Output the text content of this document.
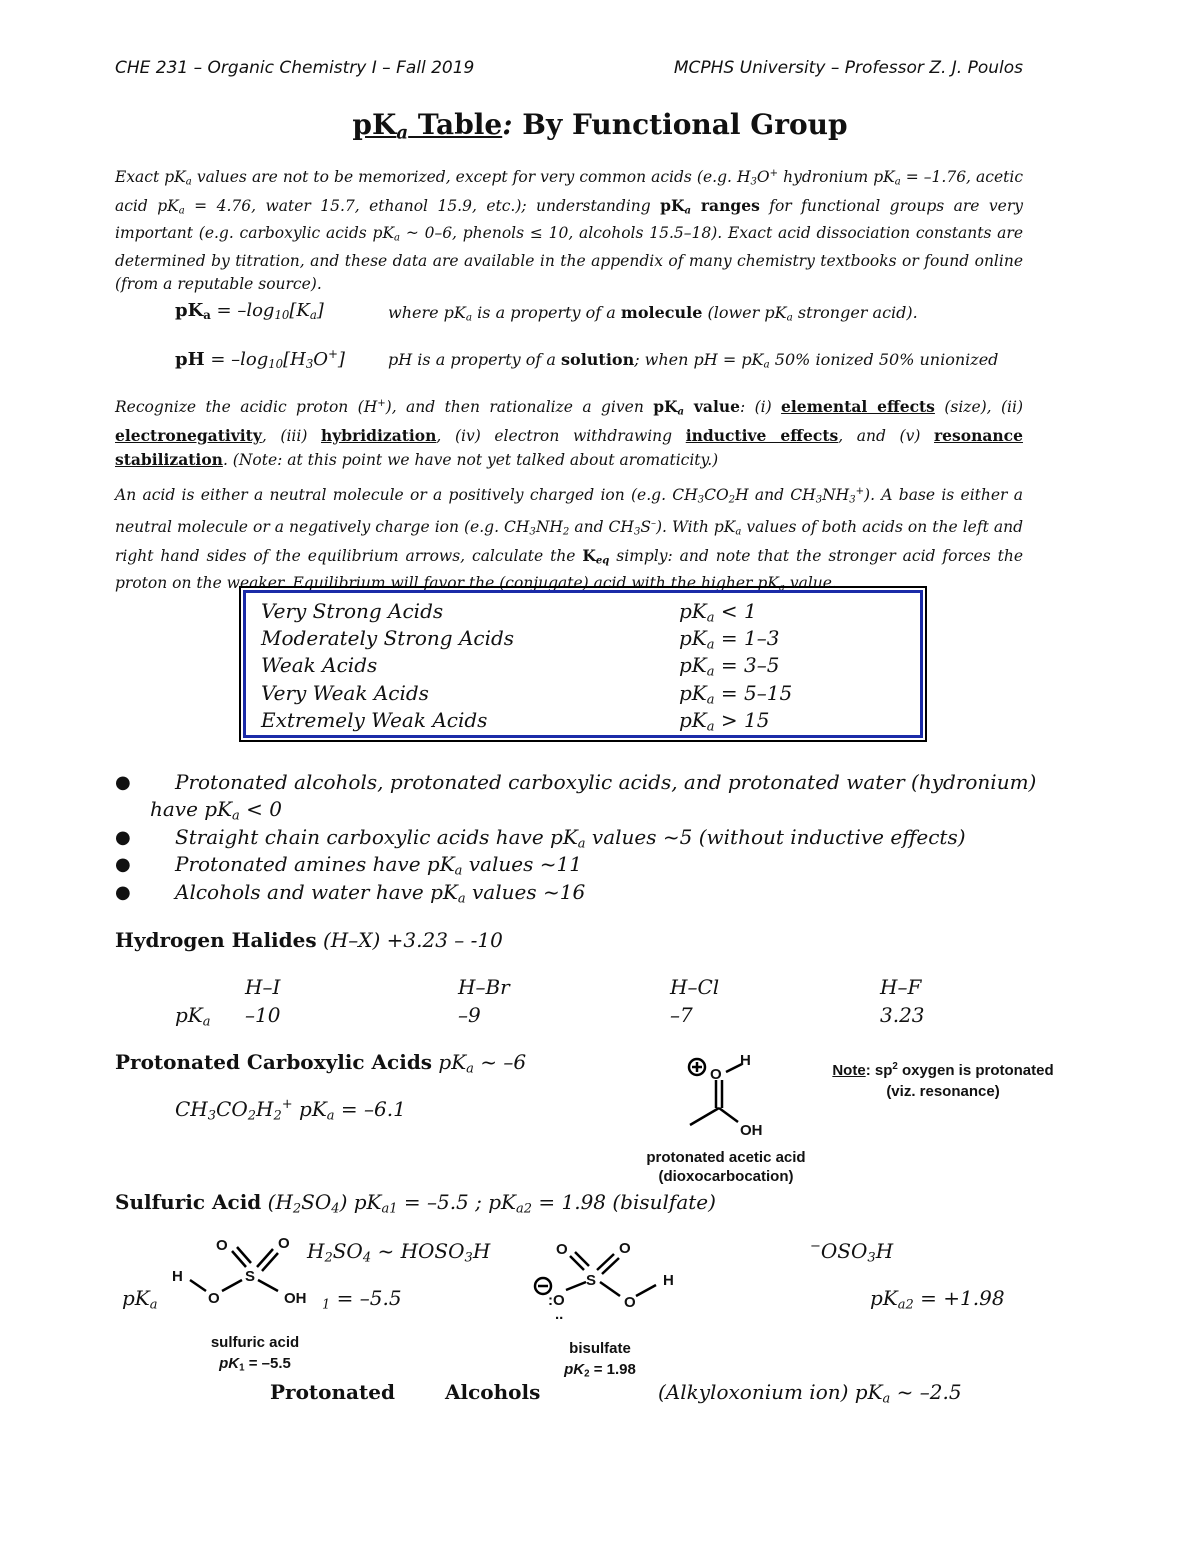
CHE 231 – Organic Chemistry I – Fall 2019	MCPHS University – Professor Z. J. Poulos
$pK_a$ Table: By Functional Group
Exact $pK_a$ values are not to be memorized, except for very common acids (e.g. $H_3O^+$ hydronium $pK_a = -1.76$, acetic acid $pK_a = 4.76$, water 15.7, ethanol 15.9, etc.); understanding $pK_a$ ranges for functional groups are very important (e.g. carboxylic acids $pK_a$ ~ 0–6, phenols ≤ 10, alcohols 15.5–18). Exact acid dissociation constants are determined by titration, and these data are available in the appendix of many chemistry textbooks or found online (from a reputable source).
$pK_a = -\log_{10}[K_a]$	where $pK_a$ is a property of a molecule (lower $pK_a$ stronger acid).
pH = $-\log_{10}[H_3O^+]$	pH is a property of a solution; when pH = $pK_a$ 50% ionized 50% unionized
Recognize the acidic proton (H+), and then rationalize a given $pK_a$ value: (i) elemental effects (size), (ii) electronegativity, (iii) hybridization, (iv) electron withdrawing inductive effects, and (v) resonance stabilization. (Note: at this point we have not yet talked about aromaticity.)
An acid is either a neutral molecule or a positively charged ion (e.g. $CH_3CO_2H$ and $CH_3NH_3^+$). A base is either a neutral molecule or a negatively charge ion (e.g. $CH_3NH_2$ and $CH_3S^-$). With $pK_a$ values of both acids on the left and right hand sides of the equilibrium arrows, calculate the $K_{eq}$ simply: and note that the stronger acid forces the proton on the weaker. Equilibrium will favor the (conjugate) acid with the higher $pK_a$ value.
Very Strong Acids	$pK_a < 1$
Moderately Strong Acids	$pK_a = 1-3$
Weak Acids	$pK_a = 3-5$
Very Weak Acids	$pK_a = 5-15$
Extremely Weak Acids	$pK_a > 15$
● Protonated alcohols, protonated carboxylic acids, and protonated water (hydronium)
have $pK_a < 0$
● Straight chain carboxylic acids have $pK_a$ values ~5 (without inductive effects)
● Protonated amines have $pK_a$ values ~11
● Alcohols and water have $pK_a$ values ~16
Hydrogen Halides (H–X) +3.23 – -10
H–I	H–Br	H–Cl	H–F
$pK_a$ –10	–9	–7	3.23
Protonated Carboxylic Acids $pK_a$ ~ –6
$CH_3CO_2H_2^+$ $pK_a = -6.1$
O
H
OH
protonated acetic acid
(dioxocarbocation)
Note: $sp^2$ oxygen is protonated
(viz. resonance)
Sulfuric Acid $(H_2SO_4) pK_{a1} = -5.5$ ; $pK_{a2} = 1.98$ (bisulfate)
O	O
S
H
O	OH
sulfuric acid
$pK_1 = -5.5$
$pK_a$
$H_2SO_4$ ~ $HOSO_3H$
$_1$ = –5.5
O	O
S
:O
..
O
H
bisulfate
$pK_2 = 1.98$
$^-OSO_3H$
$pK_{a2} = +1.98$
Protonated	Alcohols	(Alkyloxonium ion) $pK_a$ ~ –2.5
